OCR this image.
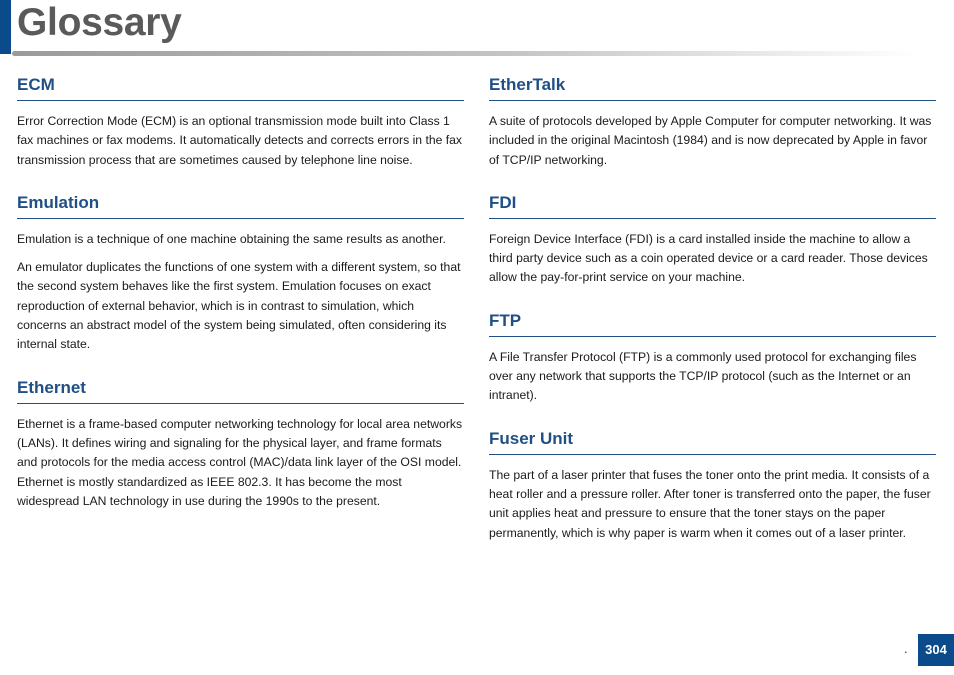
Glossary
ECM

Error Correction Mode (ECM) is an optional transmission mode built into Class 1 fax machines or fax modems. It automatically detects and corrects errors in the fax transmission process that are sometimes caused by telephone line noise.

Emulation

Emulation is a technique of one machine obtaining the same results as another.

An emulator duplicates the functions of one system with a different system, so that the second system behaves like the first system. Emulation focuses on exact reproduction of external behavior, which is in contrast to simulation, which concerns an abstract model of the system being simulated, often considering its internal state.

Ethernet

Ethernet is a frame-based computer networking technology for local area networks (LANs). It defines wiring and signaling for the physical layer, and frame formats and protocols for the media access control (MAC)/data link layer of the OSI model. Ethernet is mostly standardized as IEEE 802.3. It has become the most widespread LAN technology in use during the 1990s to the present.

EtherTalk

A suite of protocols developed by Apple Computer for computer networking. It was included in the original Macintosh (1984) and is now deprecated by Apple in favor of TCP/IP networking.

FDI

Foreign Device Interface (FDI) is a card installed inside the machine to allow a third party device such as a coin operated device or a card reader. Those devices allow the pay-for-print service on your machine.

FTP

A File Transfer Protocol (FTP) is a commonly used protocol for exchanging files over any network that supports the TCP/IP protocol (such as the Internet or an intranet).

Fuser Unit

The part of a laser printer that fuses the toner onto the print media. It consists of a heat roller and a pressure roller. After toner is transferred onto the paper, the fuser unit applies heat and pressure to ensure that the toner stays on the paper permanently, which is why paper is warm when it comes out of a laser printer.

.	304
